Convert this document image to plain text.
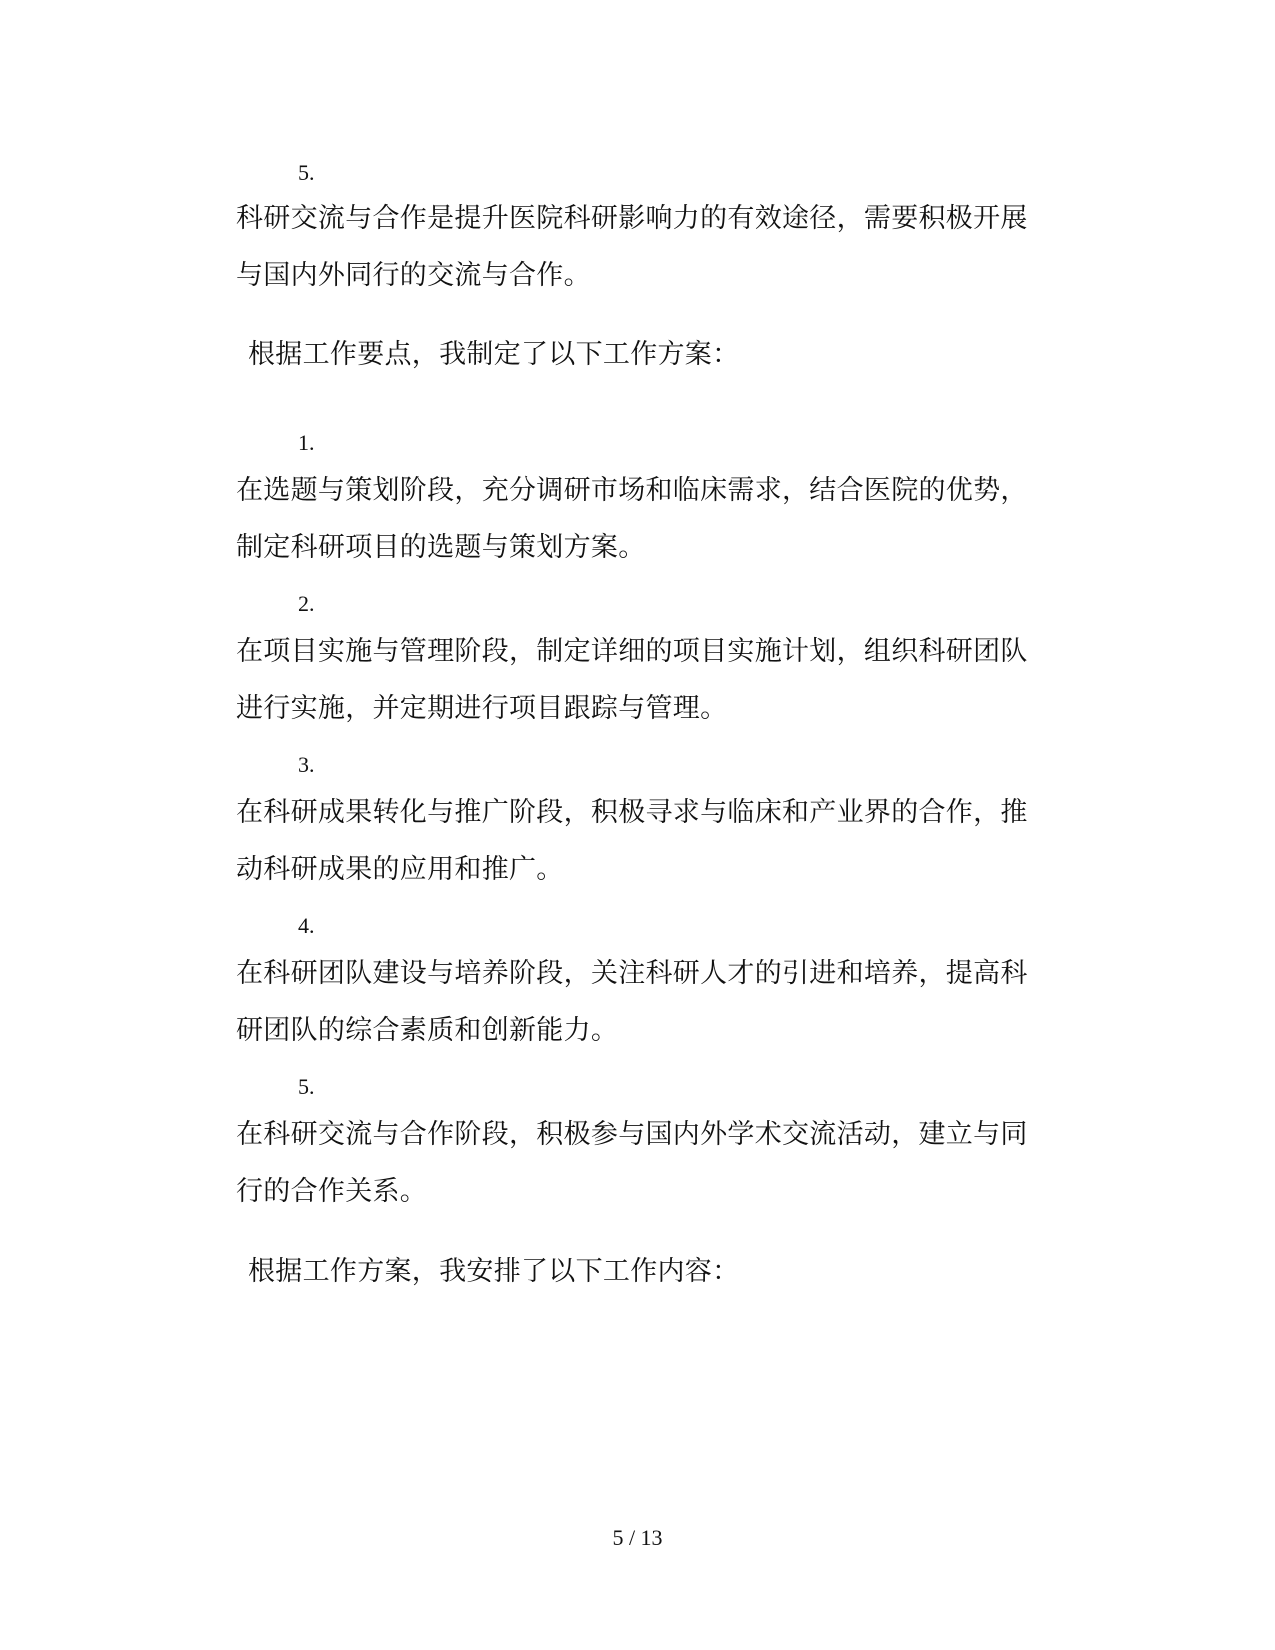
5.
科研交流与合作是提升医院科研影响力的有效途径，需要积极开展
与国内外同行的交流与合作。
根据工作要点，我制定了以下工作方案：
1.
在选题与策划阶段，充分调研市场和临床需求，结合医院的优势，
制定科研项目的选题与策划方案。
2.
在项目实施与管理阶段，制定详细的项目实施计划，组织科研团队
进行实施，并定期进行项目跟踪与管理。
3.
在科研成果转化与推广阶段，积极寻求与临床和产业界的合作，推
动科研成果的应用和推广。
4.
在科研团队建设与培养阶段，关注科研人才的引进和培养，提高科
研团队的综合素质和创新能力。
5.
在科研交流与合作阶段，积极参与国内外学术交流活动，建立与同
行的合作关系。
根据工作方案，我安排了以下工作内容：
5 / 13
